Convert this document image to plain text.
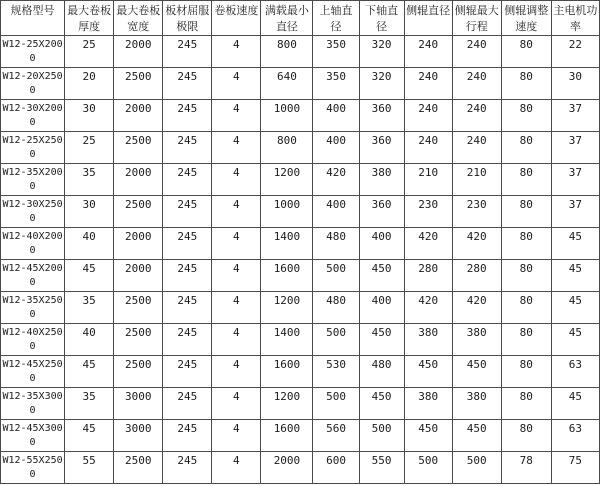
规格型号	最大卷板厚度	最大卷板宽度	板材屈服极限	卷板速度	满载最小直径	上轴直径	下轴直径	侧辊直径	侧辊最大行程	侧辊调整速度	主电机功率
W12-25X2000	25	2000	245	4	800	350	320	240	240	80	22
W12-20X2500	20	2500	245	4	640	350	320	240	240	80	30
W12-30X2000	30	2000	245	4	1000	400	360	240	240	80	37
W12-25X2500	25	2500	245	4	800	400	360	240	240	80	37
W12-35X2000	35	2000	245	4	1200	420	380	210	210	80	37
W12-30X2500	30	2500	245	4	1000	400	360	230	230	80	37
W12-40X2000	40	2000	245	4	1400	480	400	420	420	80	45
W12-45X2000	45	2000	245	4	1600	500	450	280	280	80	45
W12-35X2500	35	2500	245	4	1200	480	400	420	420	80	45
W12-40X2500	40	2500	245	4	1400	500	450	380	380	80	45
W12-45X2500	45	2500	245	4	1600	530	480	450	450	80	63
W12-35X3000	35	3000	245	4	1200	500	450	380	380	80	45
W12-45X3000	45	3000	245	4	1600	560	500	450	450	80	63
W12-55X2500	55	2500	245	4	2000	600	550	500	500	78	75
